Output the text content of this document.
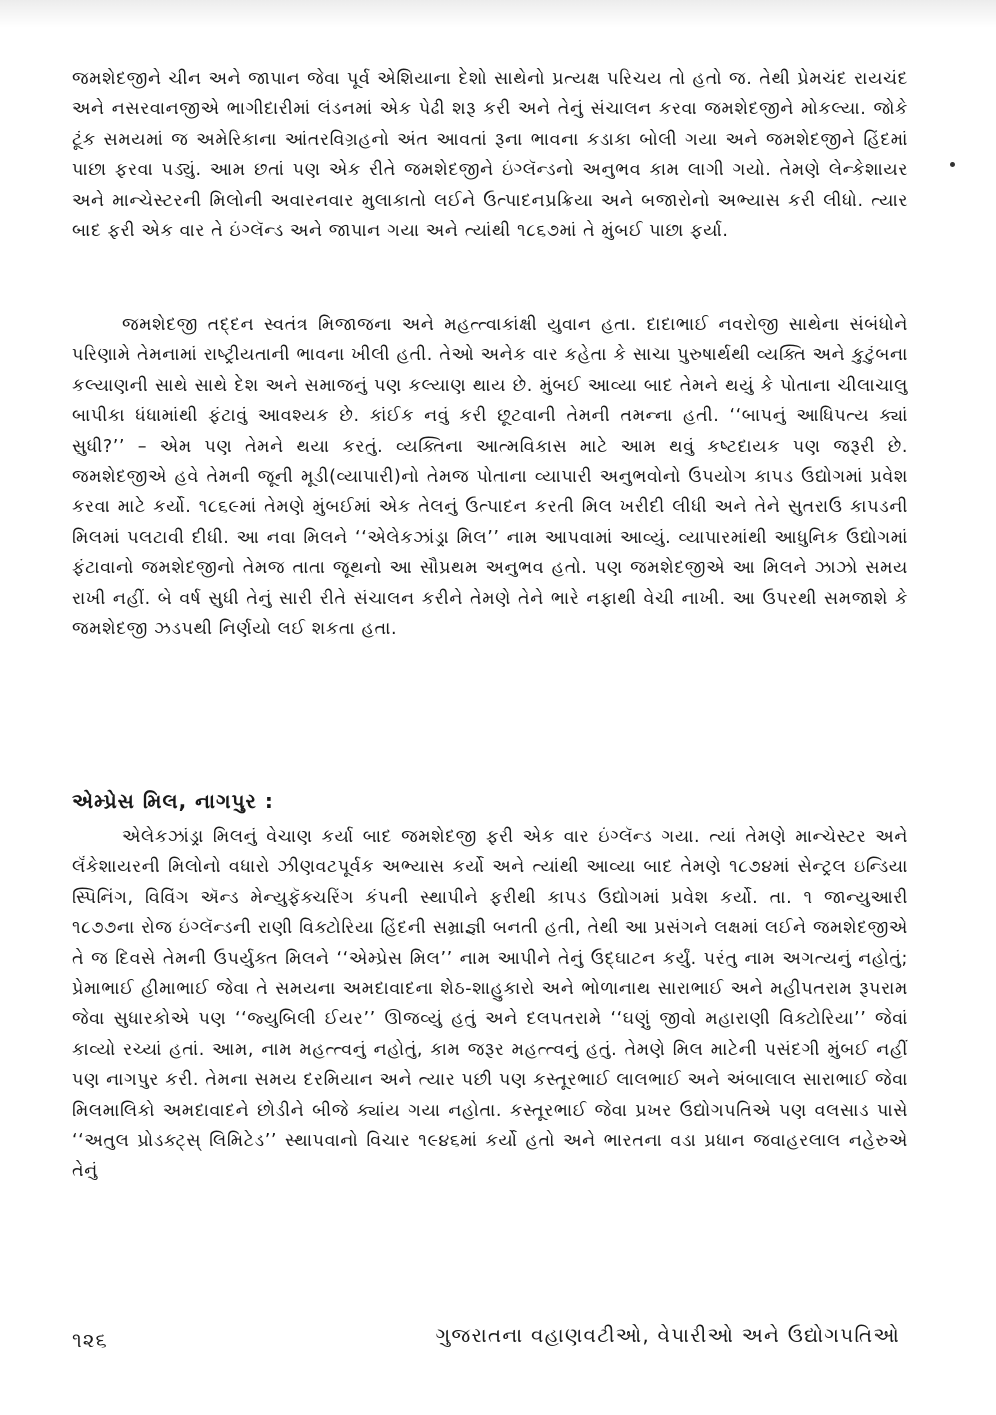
જમશેદજીને ચીન અને જાપાન જેવા પૂર્વ એશિયાના દેશો સાથેનો પ્રત્યક્ષ પરિચય તો હતો જ. તેથી પ્રેમચંદ રાયચંદ અને નસરવાનજીએ ભાગીદારીમાં લંડનમાં એક પેઢી શરૂ કરી અને તેનું સંચાલન કરવા જમશેદજીને મોકલ્યા. જોકે ટૂંક સમયમાં જ અમેરિકાના આંતરવિગ્રહનો અંત આવતાં રૂના ભાવના કડાકા બોલી ગયા અને જમશેદજીને હિંદમાં પાછા ફરવા પડ્યું. આમ છતાં પણ એક રીતે જમશેદજીને ઇંગ્લૅન્ડનો અનુભવ કામ લાગી ગયો. તેમણે લેન્કેશાયર અને માન્ચેસ્ટરની મિલોની અવારનવાર મુલાકાતો લઈને ઉત્પાદનપ્રક્રિયા અને બજારોનો અભ્યાસ કરી લીધો. ત્યાર બાદ ફરી એક વાર તે ઇંગ્લૅન્ડ અને જાપાન ગયા અને ત્યાંથી ૧૮૬૭માં તે મુંબઈ પાછા ફર્યા.

જમશેદજી તદ્દન સ્વતંત્ર મિજાજના અને મહત્ત્વાકાંક્ષી યુવાન હતા. દાદાભાઈ નવરોજી સાથેના સંબંધોને પરિણામે તેમનામાં રાષ્ટ્રીયતાની ભાવના ખીલી હતી. તેઓ અનેક વાર કહેતા કે સાચા પુરુષાર્થથી વ્યક્તિ અને કુટુંબના કલ્યાણની સાથે સાથે દેશ અને સમાજનું પણ કલ્યાણ થાય છે. મુંબઈ આવ્યા બાદ તેમને થયું કે પોતાના ચીલાચાલુ બાપીકા ધંધામાંથી ફંટાવું આવશ્યક છે. કાંઈક નવું કરી છૂટવાની તેમની તમન્ના હતી. ‘‘બાપનું આધિપત્ય ક્યાં સુધી?’’ – એમ પણ તેમને થયા કરતું. વ્યક્તિના આત્મવિકાસ માટે આમ થવું કષ્ટદાયક પણ જરૂરી છે. જમશેદજીએ હવે તેમની જૂની મૂડી(વ્યાપારી)નો તેમજ પોતાના વ્યાપારી અનુભવોનો ઉપયોગ કાપડ ઉદ્યોગમાં પ્રવેશ કરવા માટે કર્યો. ૧૮૬૯માં તેમણે મુંબઈમાં એક તેલનું ઉત્પાદન કરતી મિલ ખરીદી લીધી અને તેને સુતરાઉ કાપડની મિલમાં પલટાવી દીધી. આ નવા મિલને ‘‘એલેકઝાંડ્રા મિલ’’ નામ આપવામાં આવ્યું. વ્યાપારમાંથી આધુનિક ઉદ્યોગમાં ફંટાવાનો જમશેદજીનો તેમજ તાતા જૂથનો આ સૌપ્રથમ અનુભવ હતો. પણ જમશેદજીએ આ મિલને ઝાઝો સમય રાખી નહીં. બે વર્ષ સુધી તેનું સારી રીતે સંચાલન કરીને તેમણે તેને ભારે નફાથી વેચી નાખી. આ ઉપરથી સમજાશે કે જમશેદજી ઝડપથી નિર્ણયો લઈ શકતા હતા.

એમ્પ્રેસ મિલ, નાગપુર :

એલેકઝાંડ્રા મિલનું વેચાણ કર્યા બાદ જમશેદજી ફરી એક વાર ઇંગ્લૅન્ડ ગયા. ત્યાં તેમણે માન્ચેસ્ટર અને લૅંકેશાયરની મિલોનો વધારો ઝીણવટપૂર્વક અભ્યાસ કર્યો અને ત્યાંથી આવ્યા બાદ તેમણે ૧૮૭૪માં સેન્ટ્રલ ઇન્ડિયા સ્પિનિંગ, વિવિંગ ઍન્ડ મેન્યુફૅક્ચરિંગ કંપની સ્થાપીને ફરીથી કાપડ ઉદ્યોગમાં પ્રવેશ કર્યો. તા. ૧ જાન્યુઆરી ૧૮૭૭ના રોજ ઇંગ્લૅન્ડની રાણી વિક્ટોરિયા હિંદની સમ્રાજ્ઞી બનતી હતી, તેથી આ પ્રસંગને લક્ષમાં લઈને જમશેદજીએ તે જ દિવસે તેમની ઉપર્યુક્ત મિલને ‘‘એમ્પ્રેસ મિલ’’ નામ આપીને તેનું ઉદ્ઘાટન કર્યું. પરંતુ નામ અગત્યનું નહોતું; પ્રેમાભાઈ હીમાભાઈ જેવા તે સમયના અમદાવાદના શેઠ-શાહુકારો અને ભોળાનાથ સારાભાઈ અને મહીપતરામ રૂપરામ જેવા સુધારકોએ પણ ‘‘જ્યુબિલી ઈયર’’ ઊજવ્યું હતું અને દલપતરામે ‘‘ઘણું જીવો મહારાણી વિક્ટોરિયા’’ જેવાં કાવ્યો રચ્યાં હતાં. આમ, નામ મહત્ત્વનું નહોતું, કામ જરૂર મહત્ત્વનું હતું. તેમણે મિલ માટેની પસંદગી મુંબઈ નહીં પણ નાગપુર કરી. તેમના સમય દરમિયાન અને ત્યાર પછી પણ કસ્તૂરભાઈ લાલભાઈ અને અંબાલાલ સારાભાઈ જેવા મિલમાલિકો અમદાવાદને છોડીને બીજે ક્યાંય ગયા નહોતા. કસ્તૂરભાઈ જેવા પ્રખર ઉદ્યોગપતિએ પણ વલસાડ પાસે ‘‘અતુલ પ્રોડક્ટ્સ્ લિમિટેડ’’ સ્થાપવાનો વિચાર ૧૯૪૬માં કર્યો હતો અને ભારતના વડા પ્રધાન જવાહરલાલ નહેરુએ તેનું

૧૨૬	ગુજરાતના વહાણવટીઓ, વેપારીઓ અને ઉદ્યોગપતિઓ
